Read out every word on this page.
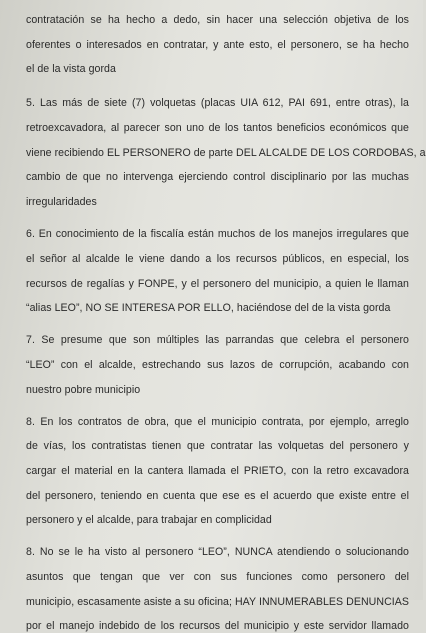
contratación se ha hecho a dedo, sin hacer una selección objetiva de los

oferentes o interesados en contratar, y ante esto, el personero, se ha hecho

el de la vista gorda

5. Las más de siete (7) volquetas (placas UIA 612, PAI 691, entre otras), la

retroexcavadora, al parecer son uno de los tantos beneficios económicos que

viene recibiendo EL PERSONERO de parte DEL ALCALDE DE LOS CORDOBAS, a

cambio de que no intervenga ejerciendo control disciplinario por las muchas

irregularidades

6. En conocimiento de la fiscalía están muchos de los manejos irregulares que

el señor al alcalde le viene dando a los recursos públicos, en especial, los

recursos de regalías y FONPE, y el personero del municipio, a quien le llaman

“alias LEO”, NO SE INTERESA POR ELLO, haciéndose del de la vista gorda

7. Se presume que son múltiples las parrandas que celebra el personero

“LEO” con el alcalde, estrechando sus lazos de corrupción, acabando con

nuestro pobre municipio

8. En los contratos de obra, que el municipio contrata, por ejemplo, arreglo

de vías, los contratistas tienen que contratar las volquetas del personero y

cargar el material en la cantera llamada el PRIETO, con la retro excavadora

del personero, teniendo en cuenta que ese es el acuerdo que existe entre el

personero y el alcalde, para trabajar en complicidad

8. No se le ha visto al personero “LEO”, NUNCA atendiendo o solucionando

asuntos que tengan que ver con sus funciones como personero del

municipio, escasamente asiste a su oficina; HAY INNUMERABLES DENUNCIAS

por el manejo indebido de los recursos del municipio y este servidor llamado
